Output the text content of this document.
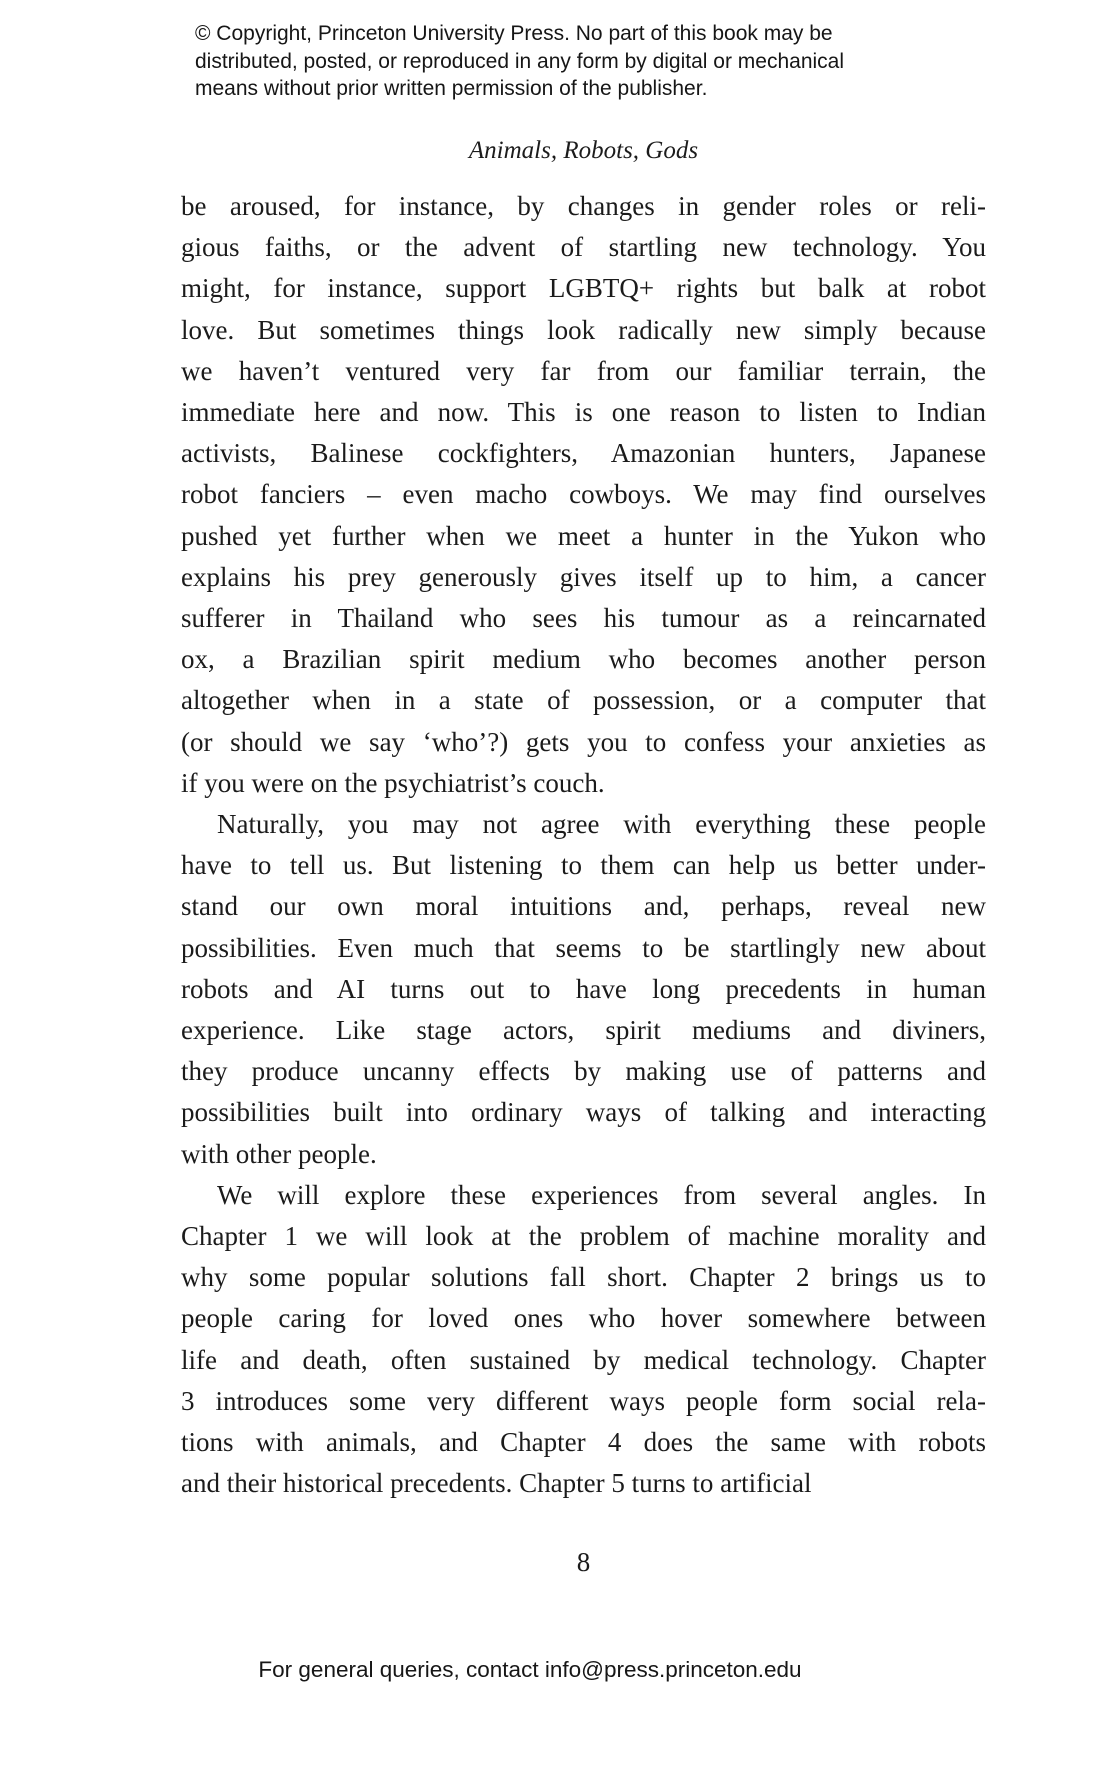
© Copyright, Princeton University Press. No part of this book may be
distributed, posted, or reproduced in any form by digital or mechanical
means without prior written permission of the publisher.
Animals, Robots, Gods
be aroused, for instance, by changes in gender roles or reli-
gious faiths, or the advent of startling new technology. You
might, for instance, support LGBTQ+ rights but balk at robot
love. But sometimes things look radically new simply because
we haven’t ventured very far from our familiar terrain, the
immediate here and now. This is one reason to listen to Indian
activists, Balinese cockfighters, Amazonian hunters, Japanese
robot fanciers – even macho cowboys. We may find ourselves
pushed yet further when we meet a hunter in the Yukon who
explains his prey generously gives itself up to him, a cancer
sufferer in Thailand who sees his tumour as a reincarnated
ox, a Brazilian spirit medium who becomes another person
altogether when in a state of possession, or a computer that
(or should we say ‘who’?) gets you to confess your anxieties as
if you were on the psychiatrist’s couch.
Naturally, you may not agree with everything these people
have to tell us. But listening to them can help us better under-
stand our own moral intuitions and, perhaps, reveal new
possibilities. Even much that seems to be startlingly new about
robots and AI turns out to have long precedents in human
experience. Like stage actors, spirit mediums and diviners,
they produce uncanny effects by making use of patterns and
possibilities built into ordinary ways of talking and interacting
with other people.
We will explore these experiences from several angles. In
Chapter 1 we will look at the problem of machine morality and
why some popular solutions fall short. Chapter 2 brings us to
people caring for loved ones who hover somewhere between
life and death, often sustained by medical technology. Chapter
3 introduces some very different ways people form social rela-
tions with animals, and Chapter 4 does the same with robots
and their historical precedents. Chapter 5 turns to artificial
8
For general queries, contact info@press.princeton.edu
